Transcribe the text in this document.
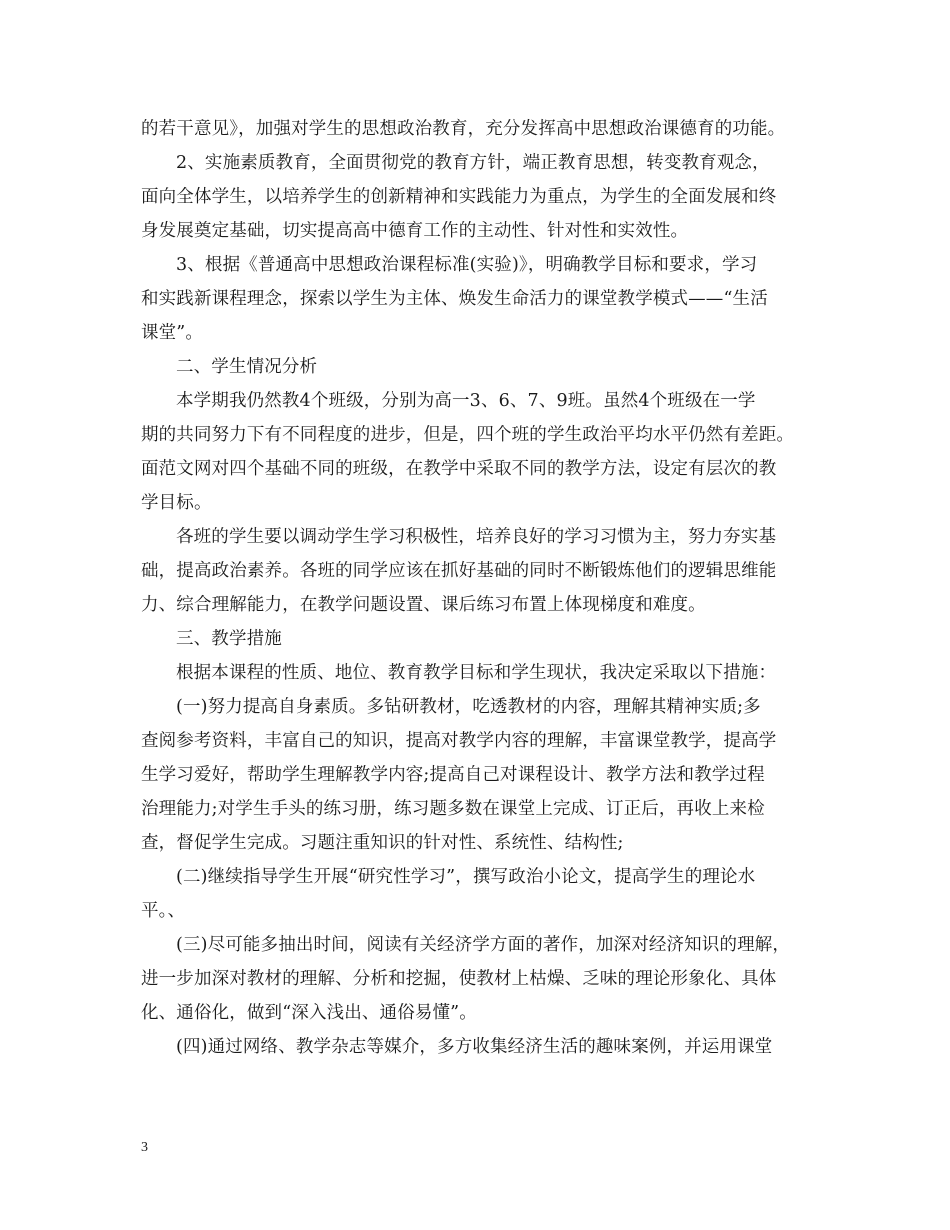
的若干意见》，加强对学生的思想政治教育，充分发挥高中思想政治课德育的功能。
2、实施素质教育，全面贯彻党的教育方针，端正教育思想，转变教育观念，
面向全体学生，以培养学生的创新精神和实践能力为重点，为学生的全面发展和终
身发展奠定基础，切实提高高中德育工作的主动性、针对性和实效性。
3、根据《普通高中思想政治课程标准(实验)》，明确教学目标和要求，学习
和实践新课程理念，探索以学生为主体、焕发生命活力的课堂教学模式——“生活
课堂”。
二、学生情况分析
本学期我仍然教4个班级，分别为高一3、6、7、9班。虽然4个班级在一学
期的共同努力下有不同程度的进步，但是，四个班的学生政治平均水平仍然有差距。
面范文网对四个基础不同的班级，在教学中采取不同的教学方法，设定有层次的教
学目标。
各班的学生要以调动学生学习积极性，培养良好的学习习惯为主，努力夯实基
础，提高政治素养。各班的同学应该在抓好基础的同时不断锻炼他们的逻辑思维能
力、综合理解能力，在教学问题设置、课后练习布置上体现梯度和难度。
三、教学措施
根据本课程的性质、地位、教育教学目标和学生现状，我决定采取以下措施：
(一)努力提高自身素质。多钻研教材，吃透教材的内容，理解其精神实质;多
查阅参考资料，丰富自己的知识，提高对教学内容的理解，丰富课堂教学，提高学
生学习爱好，帮助学生理解教学内容;提高自己对课程设计、教学方法和教学过程
治理能力;对学生手头的练习册，练习题多数在课堂上完成、订正后，再收上来检
查，督促学生完成。习题注重知识的针对性、系统性、结构性;
(二)继续指导学生开展“研究性学习”，撰写政治小论文，提高学生的理论水
平。、
(三)尽可能多抽出时间，阅读有关经济学方面的著作，加深对经济知识的理解，
进一步加深对教材的理解、分析和挖掘，使教材上枯燥、乏味的理论形象化、具体
化、通俗化，做到“深入浅出、通俗易懂”。
(四)通过网络、教学杂志等媒介，多方收集经济生活的趣味案例，并运用课堂
3
